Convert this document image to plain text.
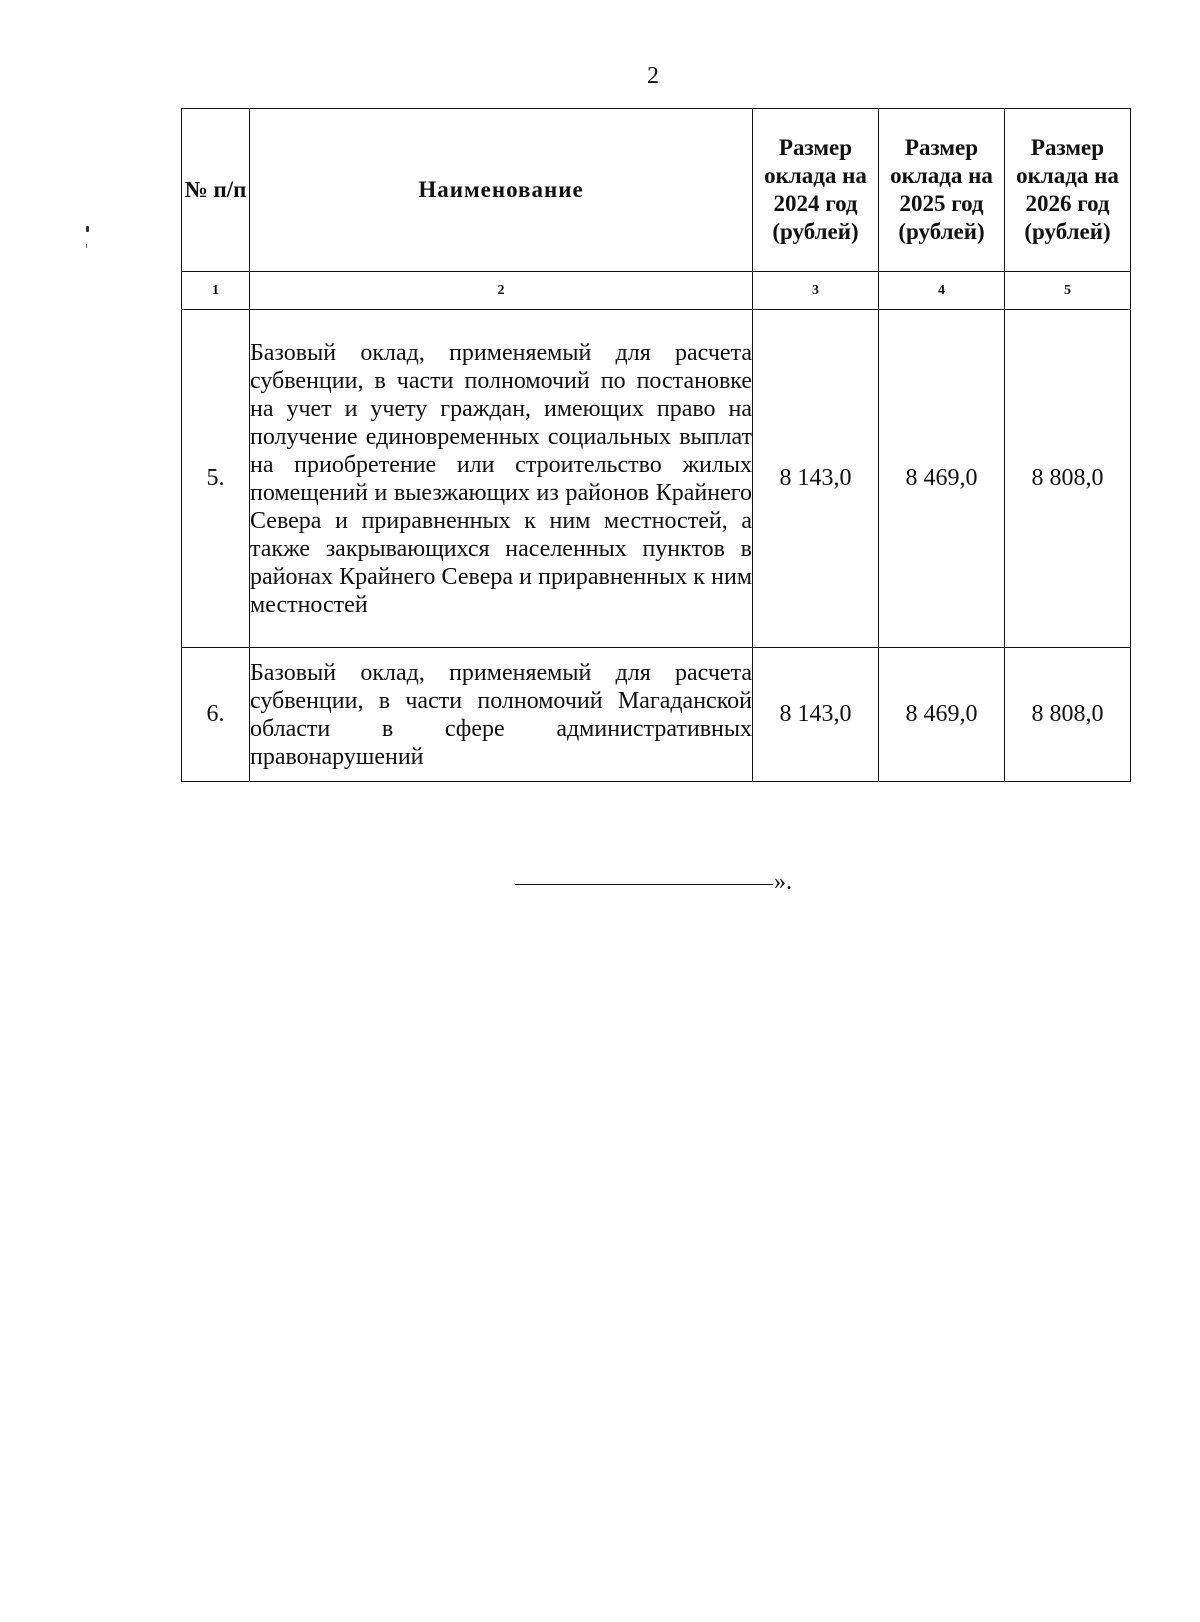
2
№ п/п	Наименование	Размер оклада на 2024 год (рублей)	Размер оклада на 2025 год (рублей)	Размер оклада на 2026 год (рублей)
1	2	3	4	5
5.	Базовый оклад, применяемый для расчета субвенции, в части полномочий по постановке на учет и учету граждан, имеющих право на получение единовременных социальных выплат на приобретение или строительство жилых помещений и выезжающих из районов Крайнего Севера и приравненных к ним местностей, а также закрывающихся населенных пунктов в районах Крайнего Севера и приравненных к ним местностей	8 143,0	8 469,0	8 808,0
6.	Базовый оклад, применяемый для расчета субвенции, в части полномочий Магаданской области в сфере административных правонарушений	8 143,0	8 469,0	8 808,0
».
